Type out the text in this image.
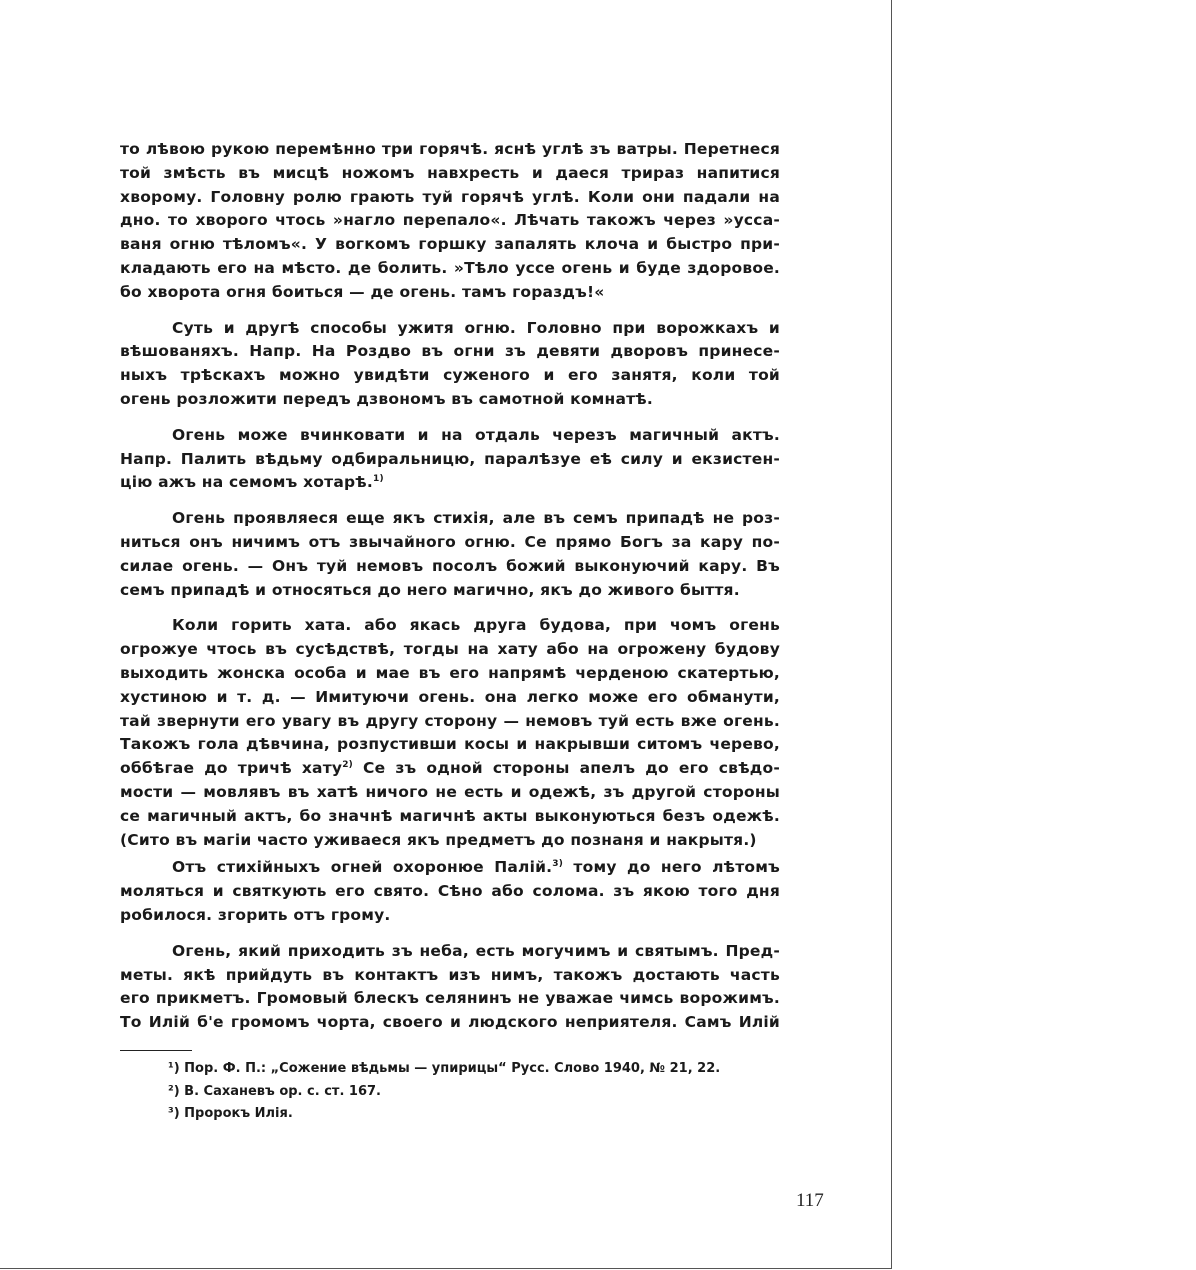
то лѣвою рукою перемѣнно три горячѣ. яснѣ углѣ зъ ватры. Перетнеся
той змѣсть въ мисцѣ ножомъ навхресть и даеся трираз напитися
хворому. Головну ролю грають туй горячѣ углѣ. Коли они падали на
дно. то хворого чтось »нагло перепало«. Лѣчать такожъ через »усса-
ваня огню тѣломъ«. У вогкомъ горшку запалять клоча и быстро при-
кладають его на мѣсто. де болить. »Тѣло уссе огень и буде здоровое.
бо хворота огня боиться — де огень. тамъ гораздъ!«
Суть и другѣ способы ужитя огню. Головно при ворожкахъ и
вѣшованяхъ. Напр. На Роздво въ огни зъ девяти дворовъ принесе-
ныхъ трѣскахъ можно увидѣти суженого и его занятя, коли той
огень розложити передъ дзвономъ въ самотной комнатѣ.
Огень може вчинковати и на отдаль черезъ магичный актъ.
Напр. Палить вѣдьму одбиральницю, паралѣзуе еѣ силу и екзистен-
цію ажъ на семомъ хотарѣ.$^{1)}$
Огень проявляеся еще якъ стихія, але въ семъ припадѣ не роз-
ниться онъ ничимъ отъ звычайного огню. Се прямо Богъ за кару по-
силае огень. — Онъ туй немовъ посолъ божий выконуючий кару. Въ
семъ припадѣ и относяться до него магично, якъ до живого быття.
Коли горить хата. або якась друга будова, при чомъ огень
огрожуе чтось въ сусѣдствѣ, тогды на хату або на огрожену будову
выходить жонска особа и мае въ его напрямѣ черденою скатертью,
хустиною и т. д. — Имитуючи огень. она легко може его обманути,
тай звернути его увагу въ другу сторону — немовъ туй есть вже огень.
Такожъ гола дѣвчина, розпустивши косы и накрывши ситомъ черево,
оббѣгае до тричѣ хату$^{2)}$ Се зъ одной стороны апелъ до его свѣдо-
мости — мовлявъ въ хатѣ ничого не есть и одежѣ, зъ другой стороны
се магичный актъ, бо значнѣ магичнѣ акты выконуються безъ одежѣ.
(Сито въ магіи часто уживаеся якъ предметъ до познаня и накрытя.)
Отъ стихійныхъ огней охоронюе Палій.$^{3)}$ тому до него лѣтомъ
моляться и святкують его свято. Сѣно або солома. зъ якою того дня
робилося. згорить отъ грому.
Огень, який приходить зъ неба, есть могучимъ и святымъ. Пред-
меты. якѣ прийдуть въ контактъ изъ нимъ, такожъ достають часть
его прикметъ. Громовый блескъ селянинъ не уважае чимсь ворожимъ.
То Илій б'е громомъ чорта, своего и людского неприятеля. Самъ Илій
¹) Пор. Ф. П.: „Сожение вѣдьмы — упирицы“ Русс. Слово 1940, № 21, 22.
²) В. Саханевъ ор. с. ст. 167.
³) Пророкъ Илія.
117
